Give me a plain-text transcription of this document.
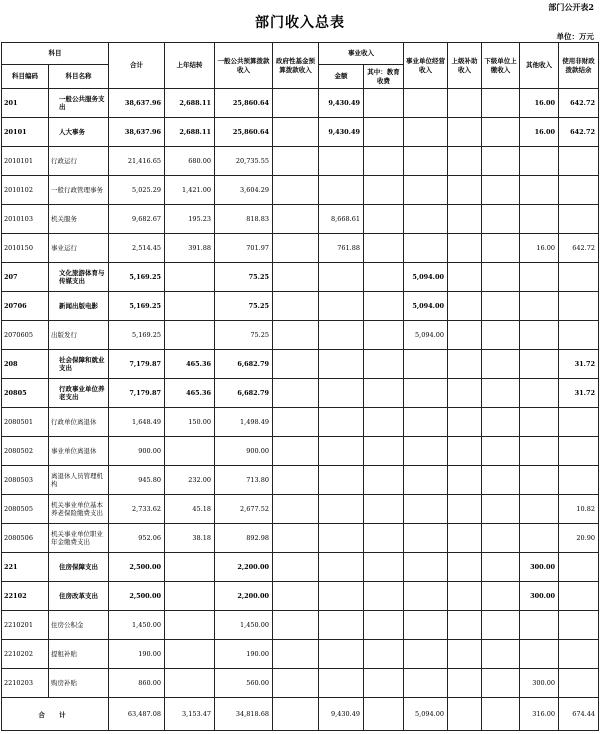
部门公开表2
部门收入总表
单位：万元
科目		合计	上年结转	一般公共预算拨款收入	政府性基金预算拨款收入	事业收入		事业单位经营收入	上级补助收入	下级单位上缴收入	其他收入	使用非财政拨款结余
科目编码	科目名称					金额	其中：教育收费					
201	一般公共服务支出	38,637.96	2,688.11	25,860.64		9,430.49					16.00	642.72
20101	人大事务	38,637.96	2,688.11	25,860.64		9,430.49					16.00	642.72
2010101	行政运行	21,416.65	680.00	20,735.55								
2010102	一般行政管理事务	5,025.29	1,421.00	3,604.29								
2010103	机关服务	9,682.67	195.23	818.83		8,668.61						
2010150	事业运行	2,514.45	391.88	701.97		761.88					16.00	642.72
207	文化旅游体育与传媒支出	5,169.25		75.25				5,094.00				
20706	新闻出版电影	5,169.25		75.25				5,094.00				
2070605	出版发行	5,169.25		75.25				5,094.00				
208	社会保障和就业支出	7,179.87	465.36	6,682.79								31.72
20805	行政事业单位养老支出	7,179.87	465.36	6,682.79								31.72
2080501	行政单位离退休	1,648.49	150.00	1,498.49								
2080502	事业单位离退休	900.00		900.00								
2080503	离退休人员管理机构	945.80	232.00	713.80								
2080505	机关事业单位基本养老保险缴费支出	2,733.62	45.18	2,677.52								10.82
2080506	机关事业单位职业年金缴费支出	952.06	38.18	892.98								20.90
221	住房保障支出	2,500.00		2,200.00							300.00	
22102	住房改革支出	2,500.00		2,200.00							300.00	
2210201	住房公积金	1,450.00		1,450.00								
2210202	提租补贴	190.00		190.00								
2210203	购房补贴	860.00		560.00							300.00	
合 计		63,487.08	3,153.47	34,818.68		9,430.49		5,094.00			316.00	674.44
